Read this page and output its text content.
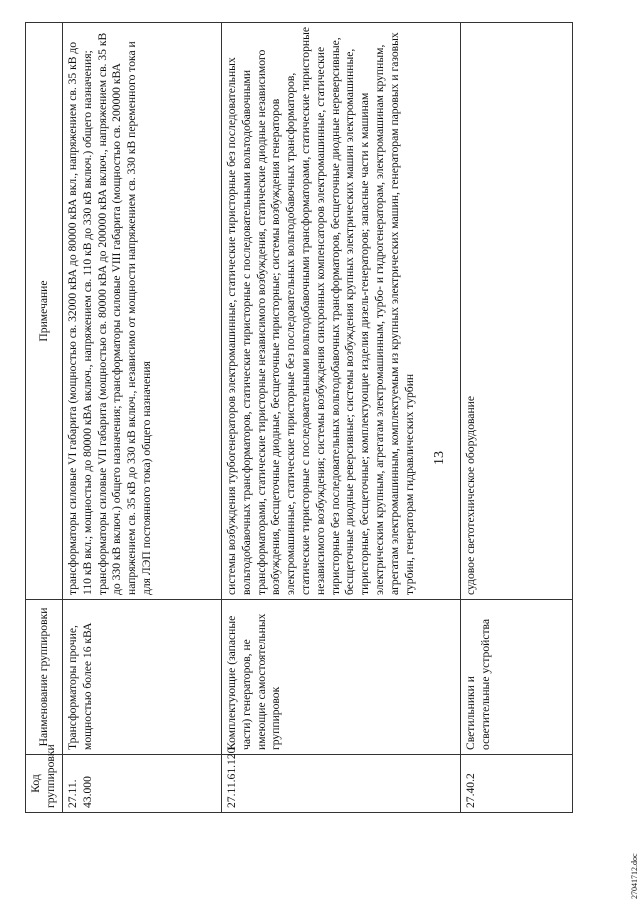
13
Код группировки	Наименование группировки	Примечание
27.11. 43.000	Трансформаторы прочие, мощностью более 16 кВА	трансформаторы силовые VI габарита (мощностью св. 32000 кВА до 80000 кВА вкл., напряжением св. 35 кВ до 110 кВ вкл.; мощностью до 80000 кВА включ., напряжением св. 110 кВ до 330 кВ включ.) общего назначения; трансформаторы силовые VII габарита (мощностью св. 80000 кВА до 200000 кВА включ., напряжением св. 35 кВ до 330 кВ включ.) общего назначения; трансформаторы силовые VIII габарита (мощностью св. 200000 кВА напряжением св. 35 кВ до 330 кВ включ., независимо от мощности напряжением св. 330 кВ переменного тока и для ЛЭП постоянного тока) общего назначения
27.11.61.120	Комплектующие (запасные части) генераторов, не имеющие самостоятельных группировок	системы возбуждения турбогенераторов электромашинные, статические тиристорные без последовательных вольтодобавочных трансформаторов, статические тиристорные с последовательными вольтодобавочными трансформаторами, статические тиристорные независимого возбуждения, статические диодные независимого возбуждения, бесщеточные диодные, бесщеточные тиристорные; системы возбуждения генераторов электромашинные, статические тиристорные без последовательных вольтодобавочных трансформаторов, статические тиристорные с последовательными вольтодобавочными трансформаторами, статические тиристорные независимого возбуждения; системы возбуждения синхронных компенсаторов электромашинные, статические тиристорные без последовательных вольтодобавочных трансформаторов, бесщеточные диодные нереверсивные, бесщеточные диодные реверсивные; системы возбуждения крупных электрических машин электромашинные, тиристорные, бесщеточные; комплектующие изделия дизель-генераторов; запасные части к машинам электрическим крупным, агрегатам электромашинным, турбо- и гидрогенераторам, электромашинам крупным, агрегатам электромашинным, комплектуемым из крупных электрических машин, генераторам паровых и газовых турбин, генераторам гидравлических турбин
27.40.2	Светильники и осветительные устройства	судовое светотехническое оборудование
27041712.doc
